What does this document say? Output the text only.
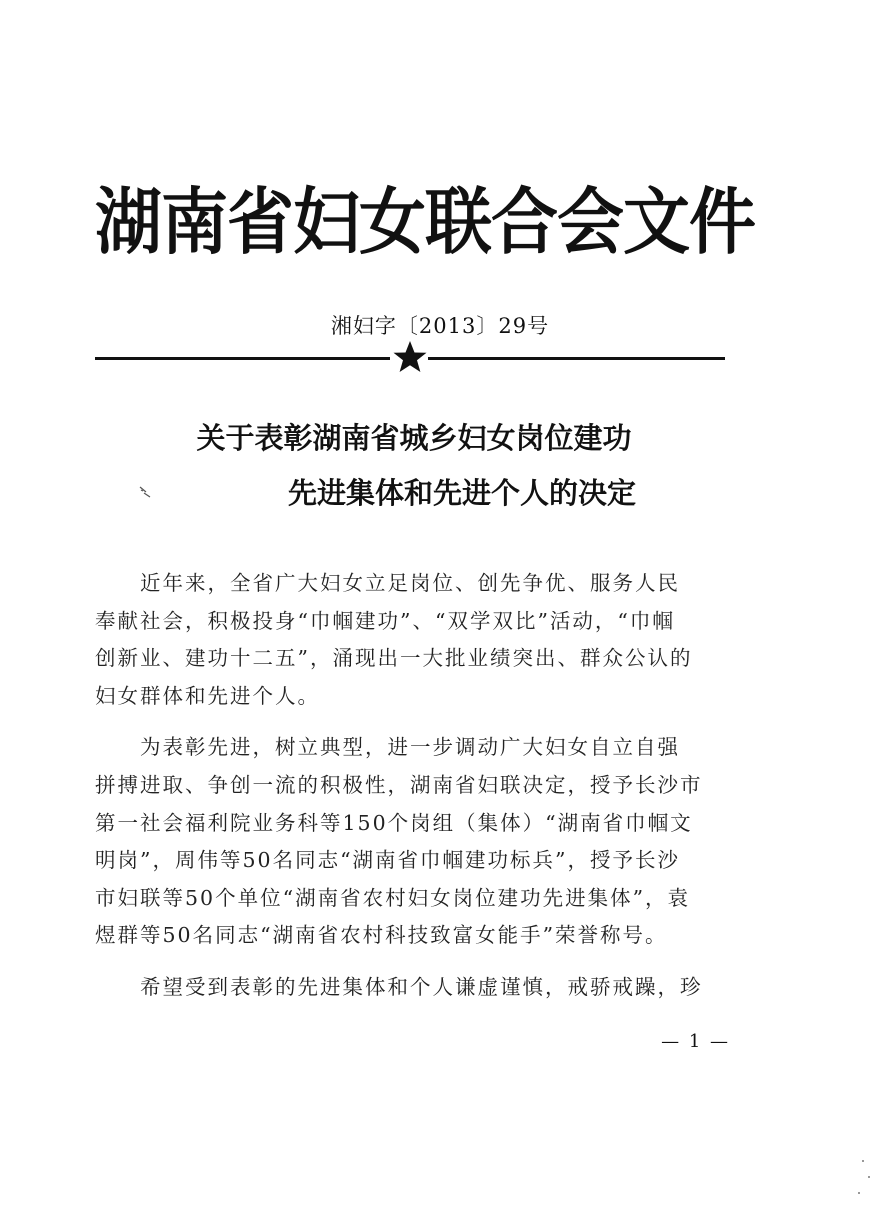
湖南省妇女联合会文件
湘妇字〔2013〕29号
关于表彰湖南省城乡妇女岗位建功
先进集体和先进个人的决定
　　近年来，全省广大妇女立足岗位、创先争优、服务人民
奉献社会，积极投身“巾帼建功”、“双学双比”活动，“巾帼
创新业、建功十二五”，涌现出一大批业绩突出、群众公认的
妇女群体和先进个人。
　　为表彰先进，树立典型，进一步调动广大妇女自立自强
拼搏进取、争创一流的积极性，湖南省妇联决定，授予长沙市
第一社会福利院业务科等150个岗组（集体）“湖南省巾帼文
明岗”，周伟等50名同志“湖南省巾帼建功标兵”，授予长沙
市妇联等50个单位“湖南省农村妇女岗位建功先进集体”，袁
煜群等50名同志“湖南省农村科技致富女能手”荣誉称号。
　　希望受到表彰的先进集体和个人谦虚谨慎，戒骄戒躁，珍
— 1 —
